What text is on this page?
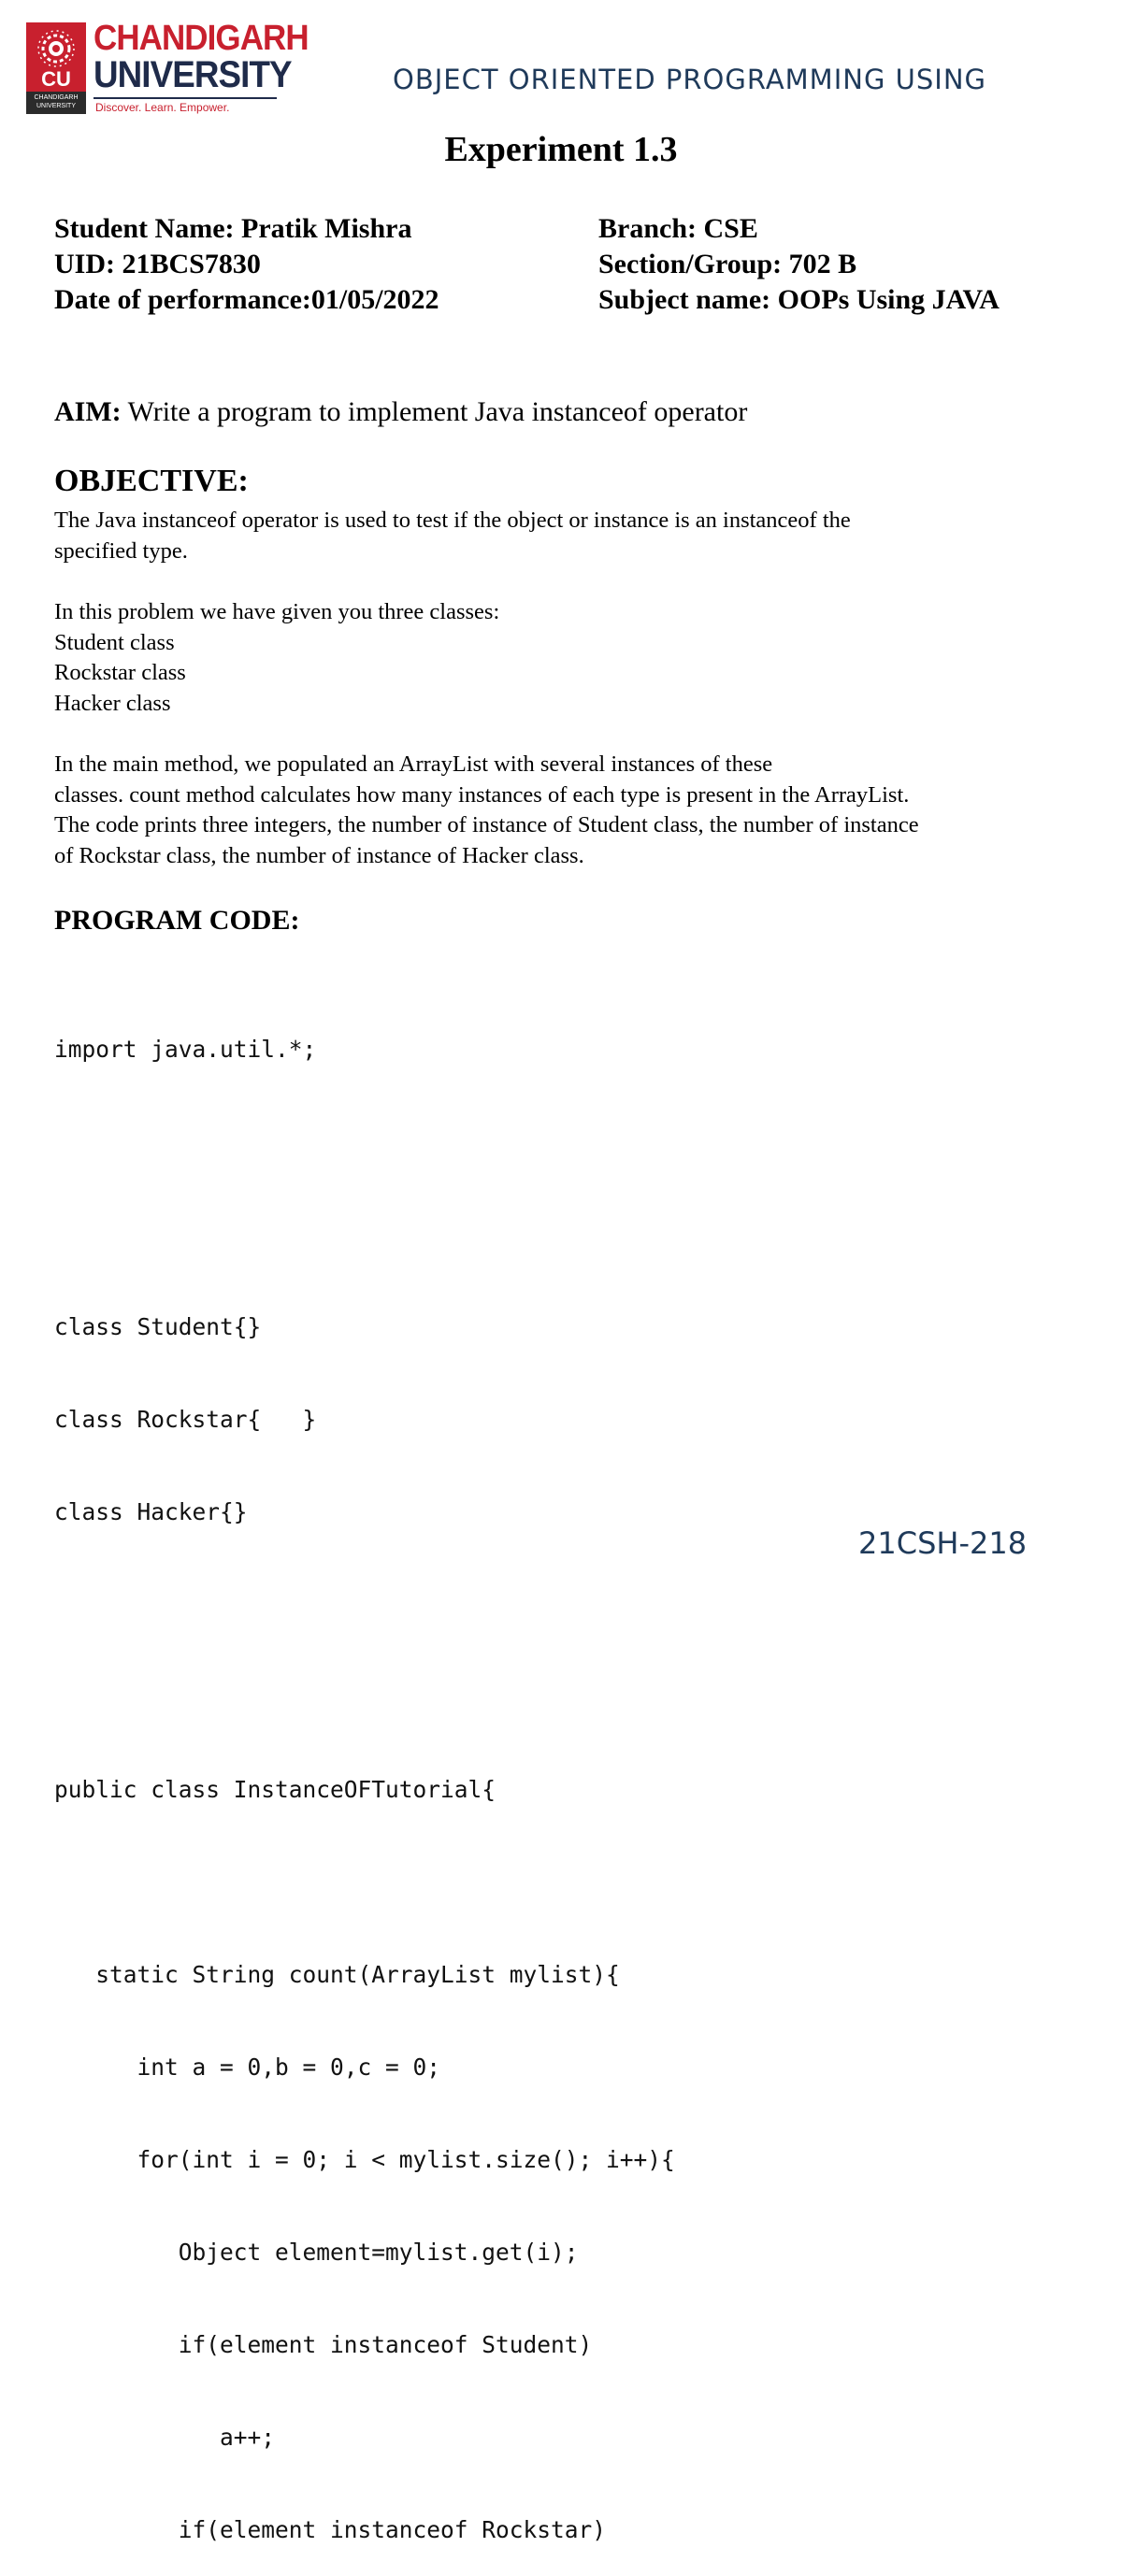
CU
CHANDIGARH
UNIVERSITY
CHANDIGARH
UNIVERSITY
Discover. Learn. Empower.
OBJECT ORIENTED PROGRAMMING USING
Experiment 1.3
Student Name: Pratik Mishra
UID: 21BCS7830
Date of performance:01/05/2022
Branch: CSE
Section/Group: 702 B
Subject name: OOPs Using JAVA
AIM: Write a program to implement Java instanceof operator
OBJECTIVE:
The Java instanceof operator is used to test if the object or instance is an instanceof the
specified type.
In this problem we have given you three classes:
Student class
Rockstar class
Hacker class
In the main method, we populated an ArrayList with several instances of these
classes. count method calculates how many instances of each type is present in the ArrayList.
The code prints three integers, the number of instance of Student class, the number of instance
of Rockstar class, the number of instance of Hacker class.
PROGRAM CODE:

import java.util.*;

class Student{}

class Rockstar{   }

class Hacker{}

public class InstanceOFTutorial{

static String count(ArrayList mylist){

int a = 0,b = 0,c = 0;

for(int i = 0; i < mylist.size(); i++){

Object element=mylist.get(i);

if(element instanceof Student)

a++;

if(element instanceof Rockstar)

21CSH-218
